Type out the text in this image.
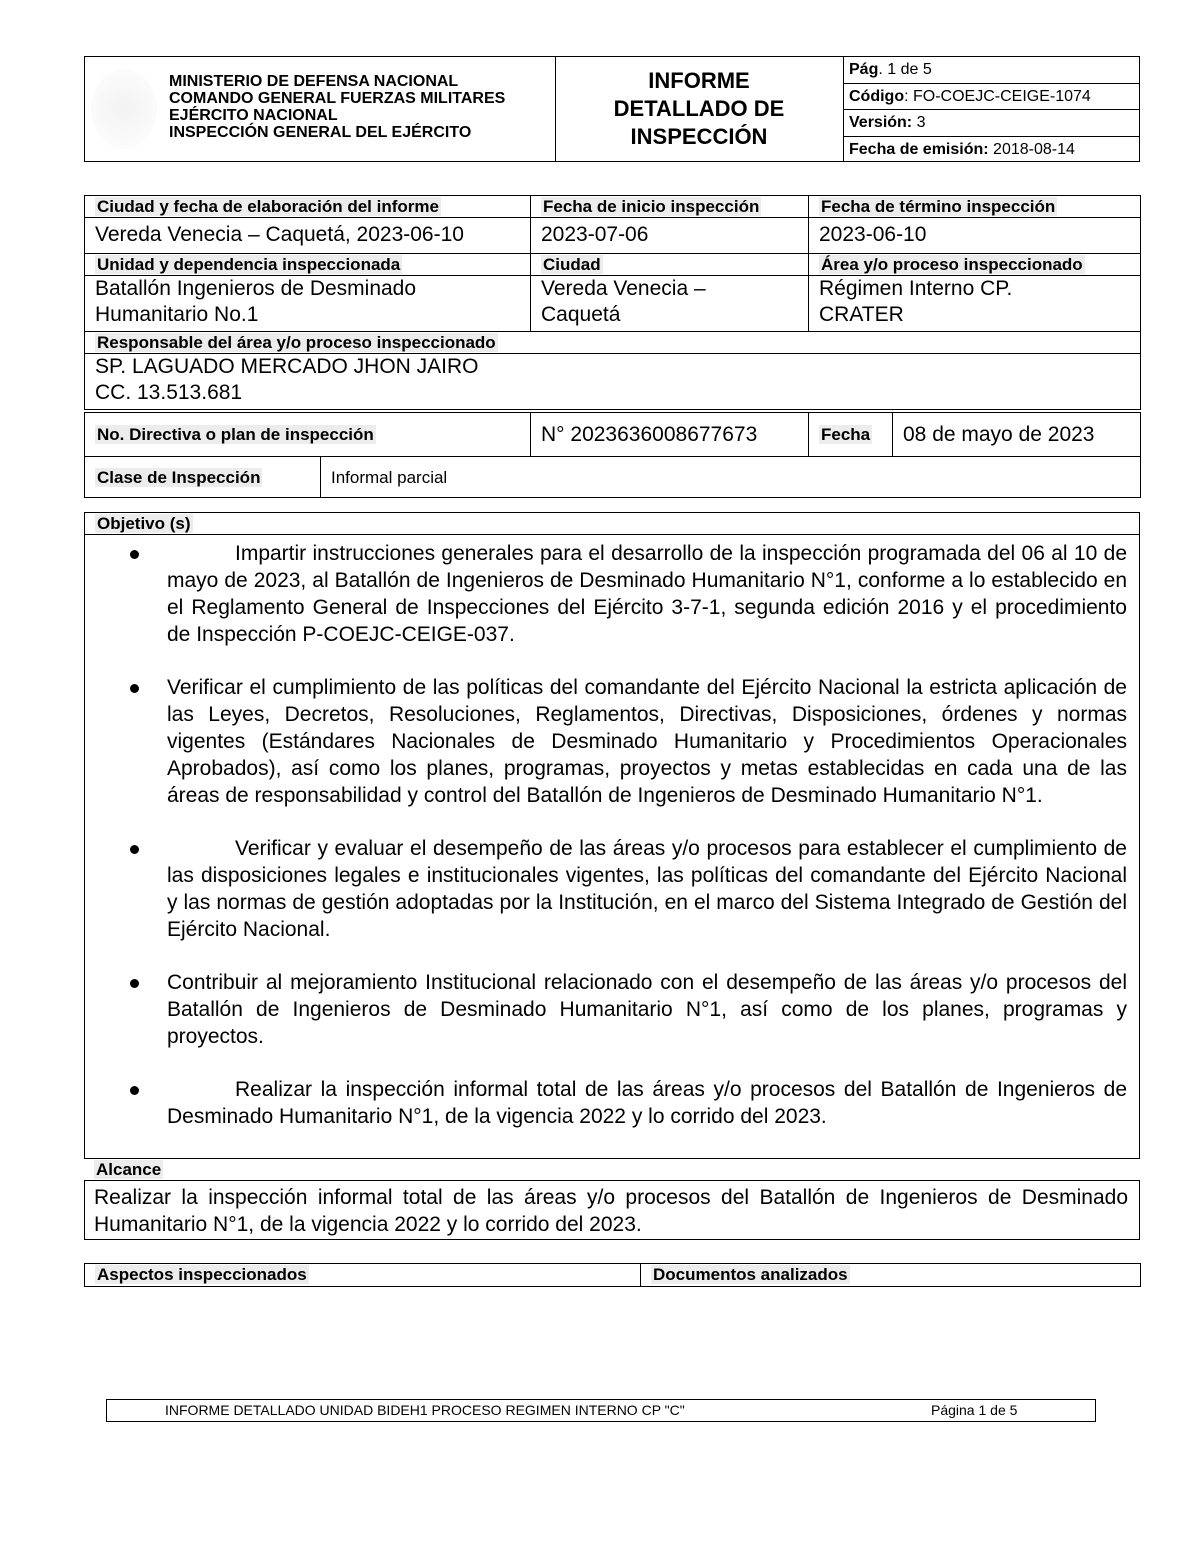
MINISTERIO DE DEFENSA NACIONAL
COMANDO GENERAL FUERZAS MILITARES
EJÉRCITO NACIONAL
INSPECCIÓN GENERAL DEL EJÉRCITO
INFORME DETALLADO DE INSPECCIÓN
Pág. 1 de 5
Código: FO-COEJC-CEIGE-1074
Versión: 3
Fecha de emisión: 2018-08-14
Ciudad y fecha de elaboración del informe	Fecha de inicio inspección	Fecha de término inspección
Vereda Venecia – Caquetá, 2023-06-10	2023-07-06	2023-06-10
Unidad y dependencia inspeccionada	Ciudad	Área y/o proceso inspeccionado
Batallón Ingenieros de Desminado Humanitario No.1	Vereda Venecia – Caquetá	Régimen Interno CP. CRATER
Responsable del área y/o proceso inspeccionado		

SP. LAGUADO MERCADO JHON JAIRO
CC. 13.513.681		
No. Directiva o plan de inspección	N° 2023636008677673	Fecha	08 de mayo de 2023
Clase de Inspección	Informal parcial
Objetivo (s)
Impartir instrucciones generales para el desarrollo de la inspección programada del 06 al 10 de mayo de 2023, al Batallón de Ingenieros de Desminado Humanitario N°1, conforme a lo establecido en el Reglamento General de Inspecciones del Ejército 3-7-1, segunda edición 2016 y el procedimiento de Inspección P-COEJC-CEIGE-037.
Verificar el cumplimiento de las políticas del comandante del Ejército Nacional la estricta aplicación de las Leyes, Decretos, Resoluciones, Reglamentos, Directivas, Disposiciones, órdenes y normas vigentes (Estándares Nacionales de Desminado Humanitario y Procedimientos Operacionales Aprobados), así como los planes, programas, proyectos y metas establecidas en cada una de las áreas de responsabilidad y control del Batallón de Ingenieros de Desminado Humanitario N°1.
Verificar y evaluar el desempeño de las áreas y/o procesos para establecer el cumplimiento de las disposiciones legales e institucionales vigentes, las políticas del comandante del Ejército Nacional y las normas de gestión adoptadas por la Institución, en el marco del Sistema Integrado de Gestión del Ejército Nacional.
Contribuir al mejoramiento Institucional relacionado con el desempeño de las áreas y/o procesos del Batallón de Ingenieros de Desminado Humanitario N°1, así como de los planes, programas y proyectos.
Realizar la inspección informal total de las áreas y/o procesos del Batallón de Ingenieros de Desminado Humanitario N°1, de la vigencia 2022 y lo corrido del 2023.
Alcance
Realizar la inspección informal total de las áreas y/o procesos del Batallón de Ingenieros de Desminado Humanitario N°1, de la vigencia 2022 y lo corrido del 2023.
Aspectos inspeccionados	Documentos analizados
INFORME DETALLADO UNIDAD BIDEH1 PROCESO REGIMEN INTERNO CP "C"	Página 1 de 5
